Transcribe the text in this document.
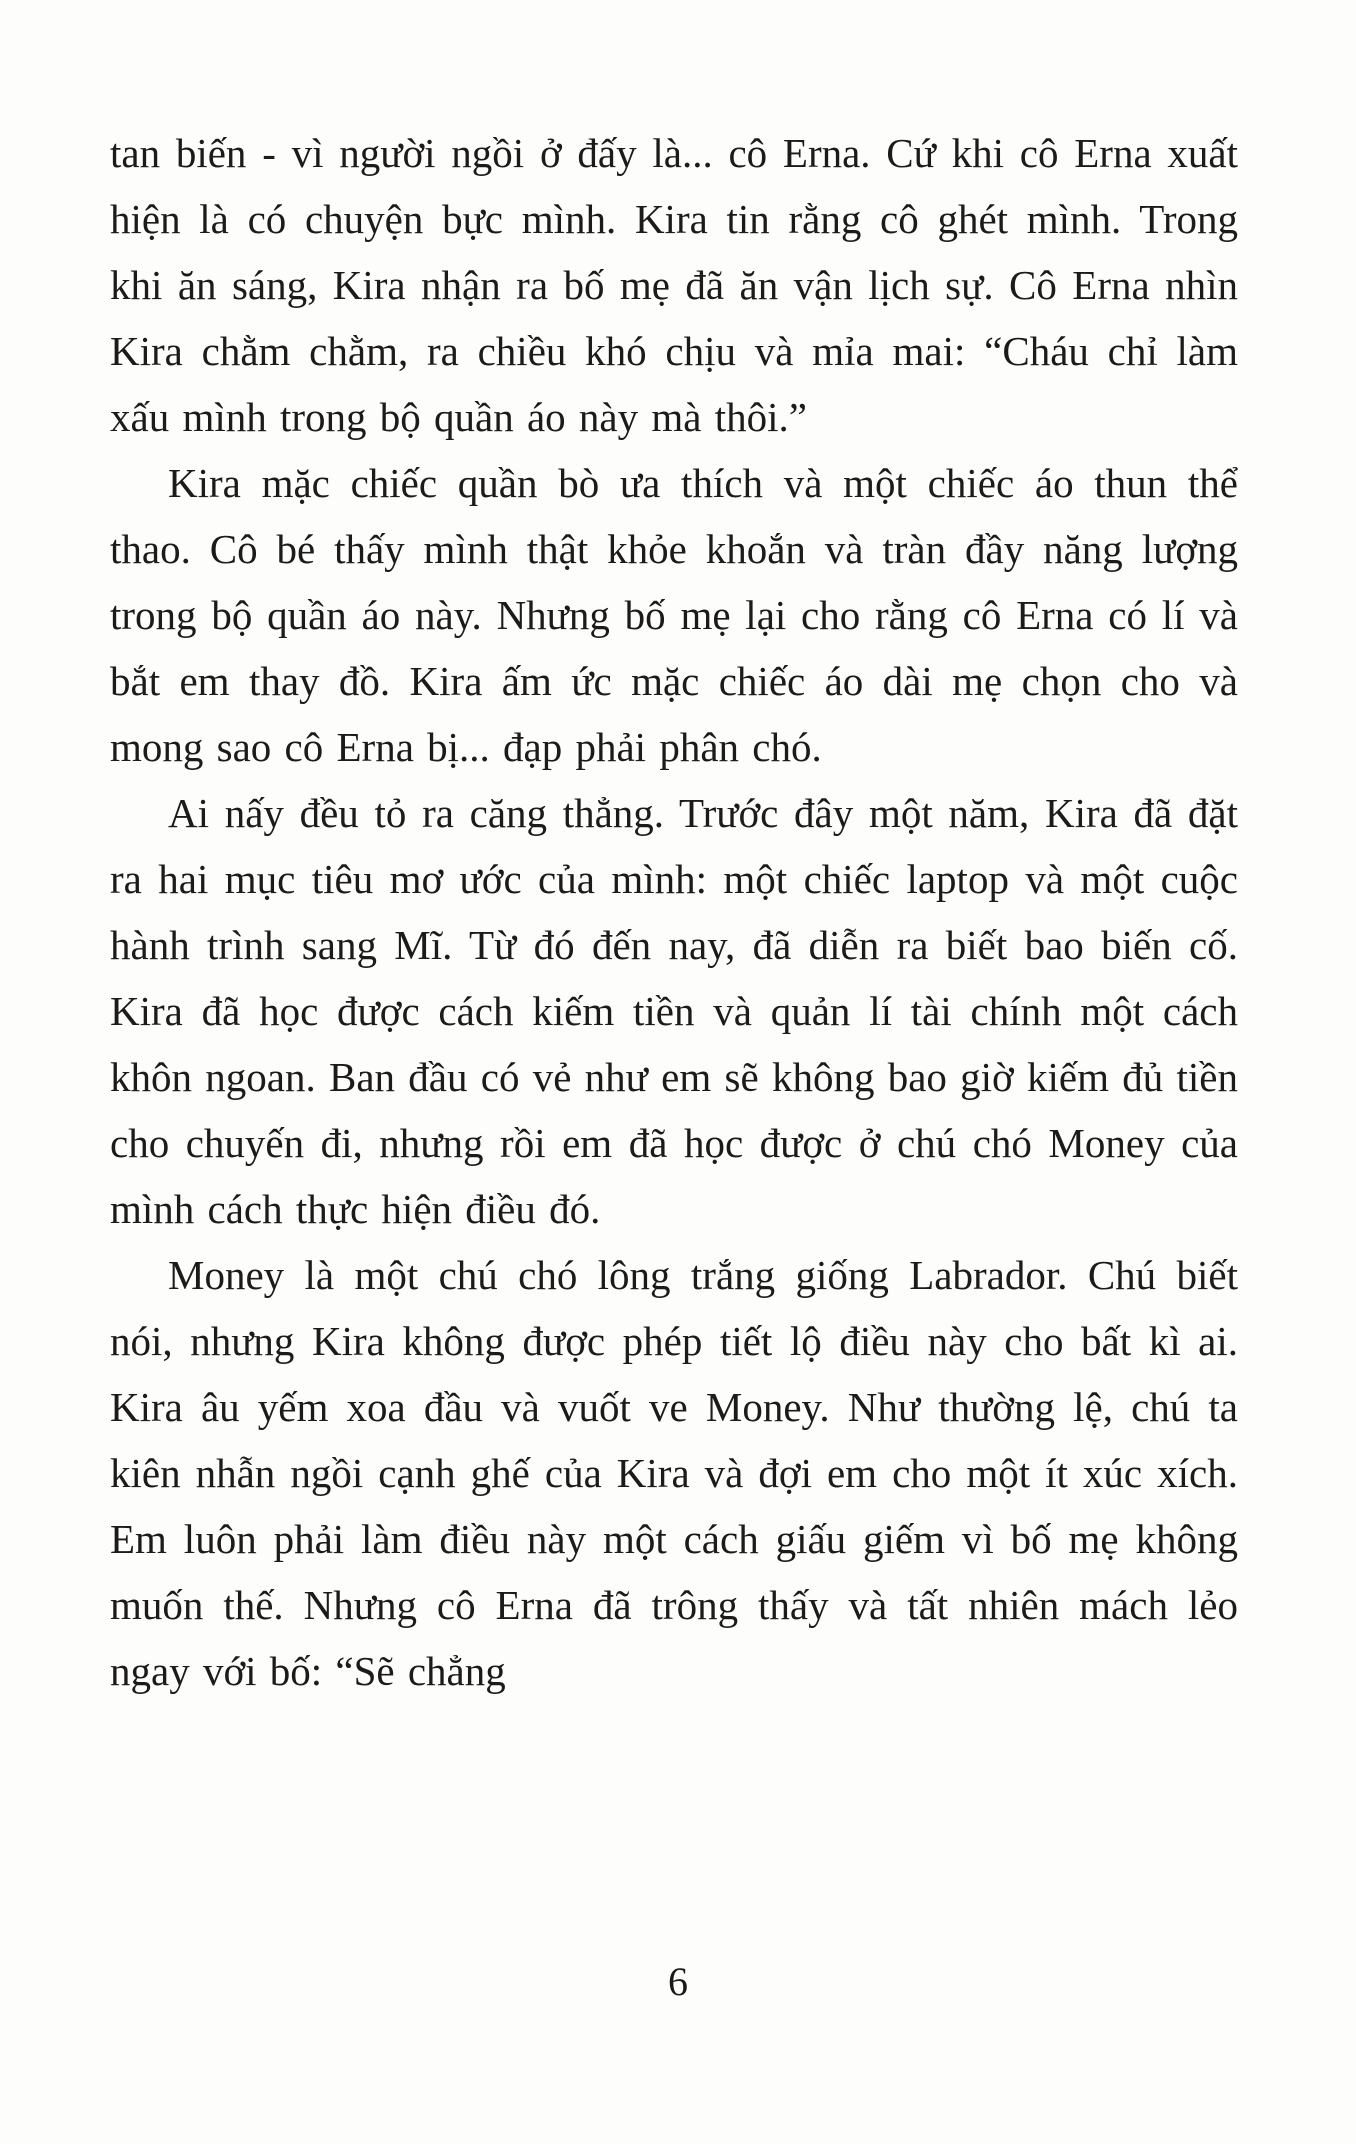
tan biến - vì người ngồi ở đấy là... cô Erna. Cứ khi cô Erna xuất hiện là có chuyện bực mình. Kira tin rằng cô ghét mình. Trong khi ăn sáng, Kira nhận ra bố mẹ đã ăn vận lịch sự. Cô Erna nhìn Kira chằm chằm, ra chiều khó chịu và mỉa mai: “Cháu chỉ làm xấu mình trong bộ quần áo này mà thôi.”

Kira mặc chiếc quần bò ưa thích và một chiếc áo thun thể thao. Cô bé thấy mình thật khỏe khoắn và tràn đầy năng lượng trong bộ quần áo này. Nhưng bố mẹ lại cho rằng cô Erna có lí và bắt em thay đồ. Kira ấm ức mặc chiếc áo dài mẹ chọn cho và mong sao cô Erna bị... đạp phải phân chó.

Ai nấy đều tỏ ra căng thẳng. Trước đây một năm, Kira đã đặt ra hai mục tiêu mơ ước của mình: một chiếc laptop và một cuộc hành trình sang Mĩ. Từ đó đến nay, đã diễn ra biết bao biến cố. Kira đã học được cách kiếm tiền và quản lí tài chính một cách khôn ngoan. Ban đầu có vẻ như em sẽ không bao giờ kiếm đủ tiền cho chuyến đi, nhưng rồi em đã học được ở chú chó Money của mình cách thực hiện điều đó.

Money là một chú chó lông trắng giống Labrador. Chú biết nói, nhưng Kira không được phép tiết lộ điều này cho bất kì ai. Kira âu yếm xoa đầu và vuốt ve Money. Như thường lệ, chú ta kiên nhẫn ngồi cạnh ghế của Kira và đợi em cho một ít xúc xích. Em luôn phải làm điều này một cách giấu giếm vì bố mẹ không muốn thế. Nhưng cô Erna đã trông thấy và tất nhiên mách lẻo ngay với bố: “Sẽ chẳng

6
